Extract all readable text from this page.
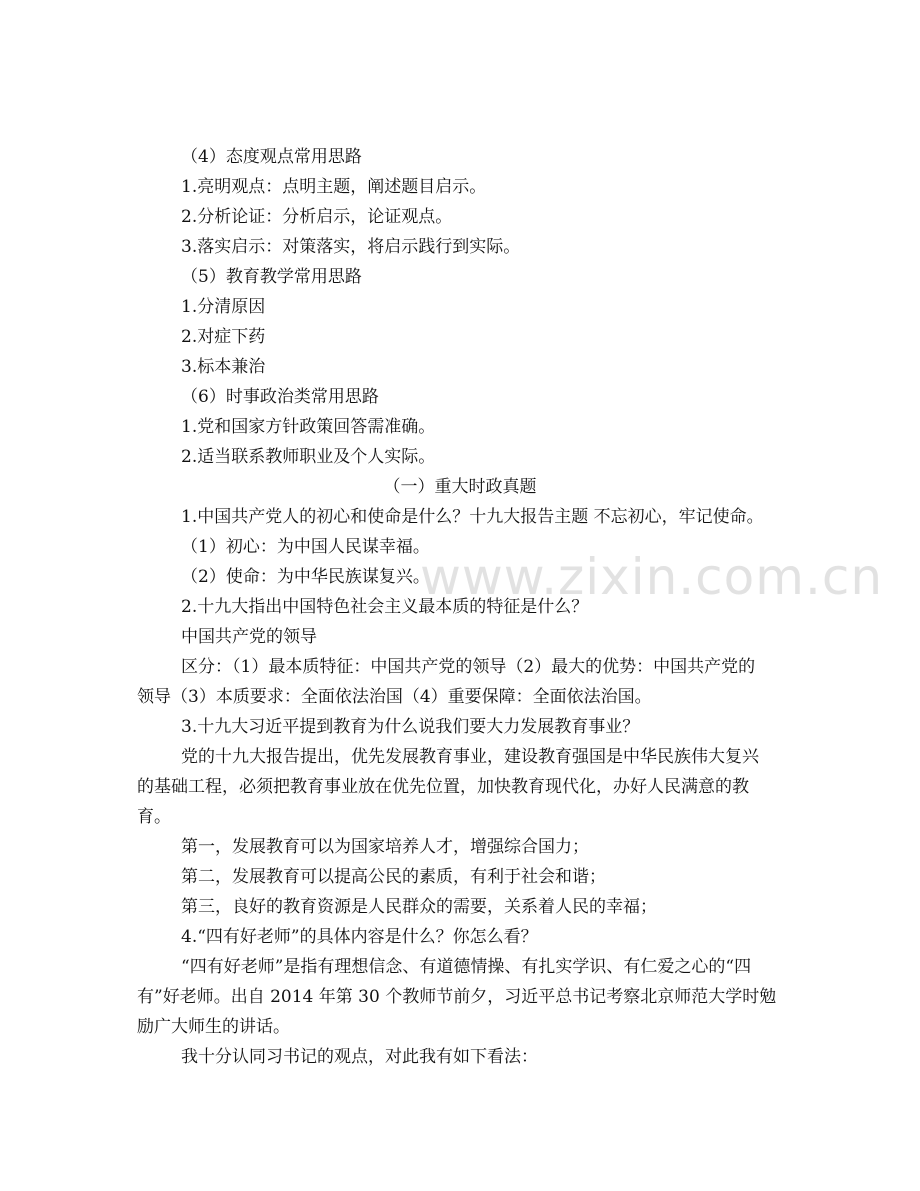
www.zixin.com.cn
（4）态度观点常用思路
1.亮明观点：点明主题，阐述题目启示。
2.分析论证：分析启示，论证观点。
3.落实启示：对策落实，将启示践行到实际。
（5）教育教学常用思路
1.分清原因
2.对症下药
3.标本兼治
（6）时事政治类常用思路
1.党和国家方针政策回答需准确。
2.适当联系教师职业及个人实际。
（一）重大时政真题
1.中国共产党人的初心和使命是什么？十九大报告主题 不忘初心，牢记使命。
（1）初心：为中国人民谋幸福。
（2）使命：为中华民族谋复兴。
2.十九大指出中国特色社会主义最本质的特征是什么？
中国共产党的领导
区分：（1）最本质特征：中国共产党的领导（2）最大的优势：中国共产党的
领导（3）本质要求：全面依法治国（4）重要保障：全面依法治国。
3.十九大习近平提到教育为什么说我们要大力发展教育事业？
党的十九大报告提出，优先发展教育事业，建设教育强国是中华民族伟大复兴
的基础工程，必须把教育事业放在优先位置，加快教育现代化，办好人民满意的教
育。
第一，发展教育可以为国家培养人才，增强综合国力；
第二，发展教育可以提高公民的素质，有利于社会和谐；
第三，良好的教育资源是人民群众的需要，关系着人民的幸福；
4.“四有好老师”的具体内容是什么？你怎么看？
“四有好老师”是指有理想信念、有道德情操、有扎实学识、有仁爱之心的“四
有”好老师。出自 2014 年第 30 个教师节前夕，习近平总书记考察北京师范大学时勉
励广大师生的讲话。
我十分认同习书记的观点，对此我有如下看法：
